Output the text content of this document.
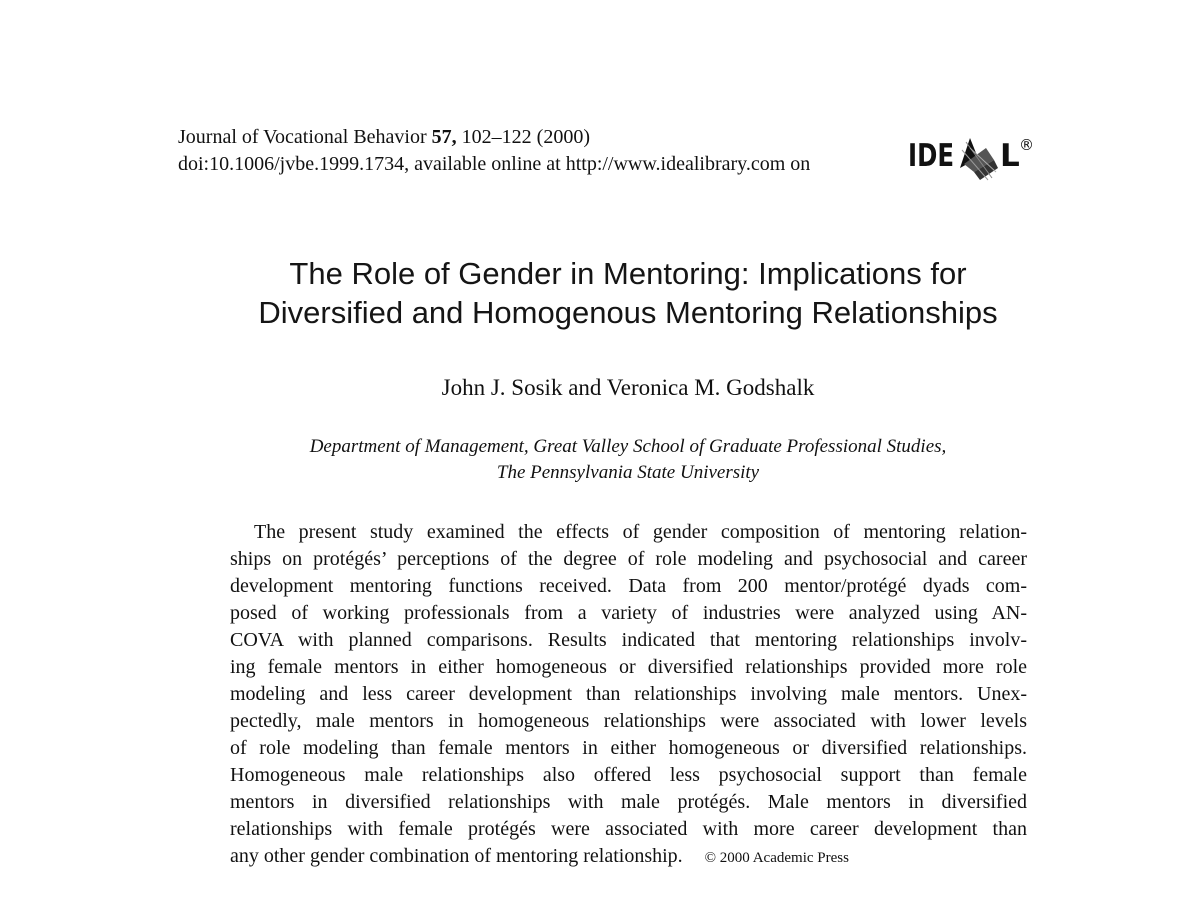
Journal of Vocational Behavior 57, 102–122 (2000)
doi:10.1006/jvbe.1999.1734, available online at http://www.idealibrary.com on	IDE L ®
The Role of Gender in Mentoring: Implications for
Diversified and Homogenous Mentoring Relationships
John J. Sosik and Veronica M. Godshalk
Department of Management, Great Valley School of Graduate Professional Studies,
The Pennsylvania State University
The present study examined the effects of gender composition of mentoring relation-
ships on protégés’ perceptions of the degree of role modeling and psychosocial and career
development mentoring functions received. Data from 200 mentor/protégé dyads com-
posed of working professionals from a variety of industries were analyzed using AN-
COVA with planned comparisons. Results indicated that mentoring relationships involv-
ing female mentors in either homogeneous or diversified relationships provided more role
modeling and less career development than relationships involving male mentors. Unex-
pectedly, male mentors in homogeneous relationships were associated with lower levels
of role modeling than female mentors in either homogeneous or diversified relationships.
Homogeneous male relationships also offered less psychosocial support than female
mentors in diversified relationships with male protégés. Male mentors in diversified
relationships with female protégés were associated with more career development than
any other gender combination of mentoring relationship. © 2000 Academic Press
